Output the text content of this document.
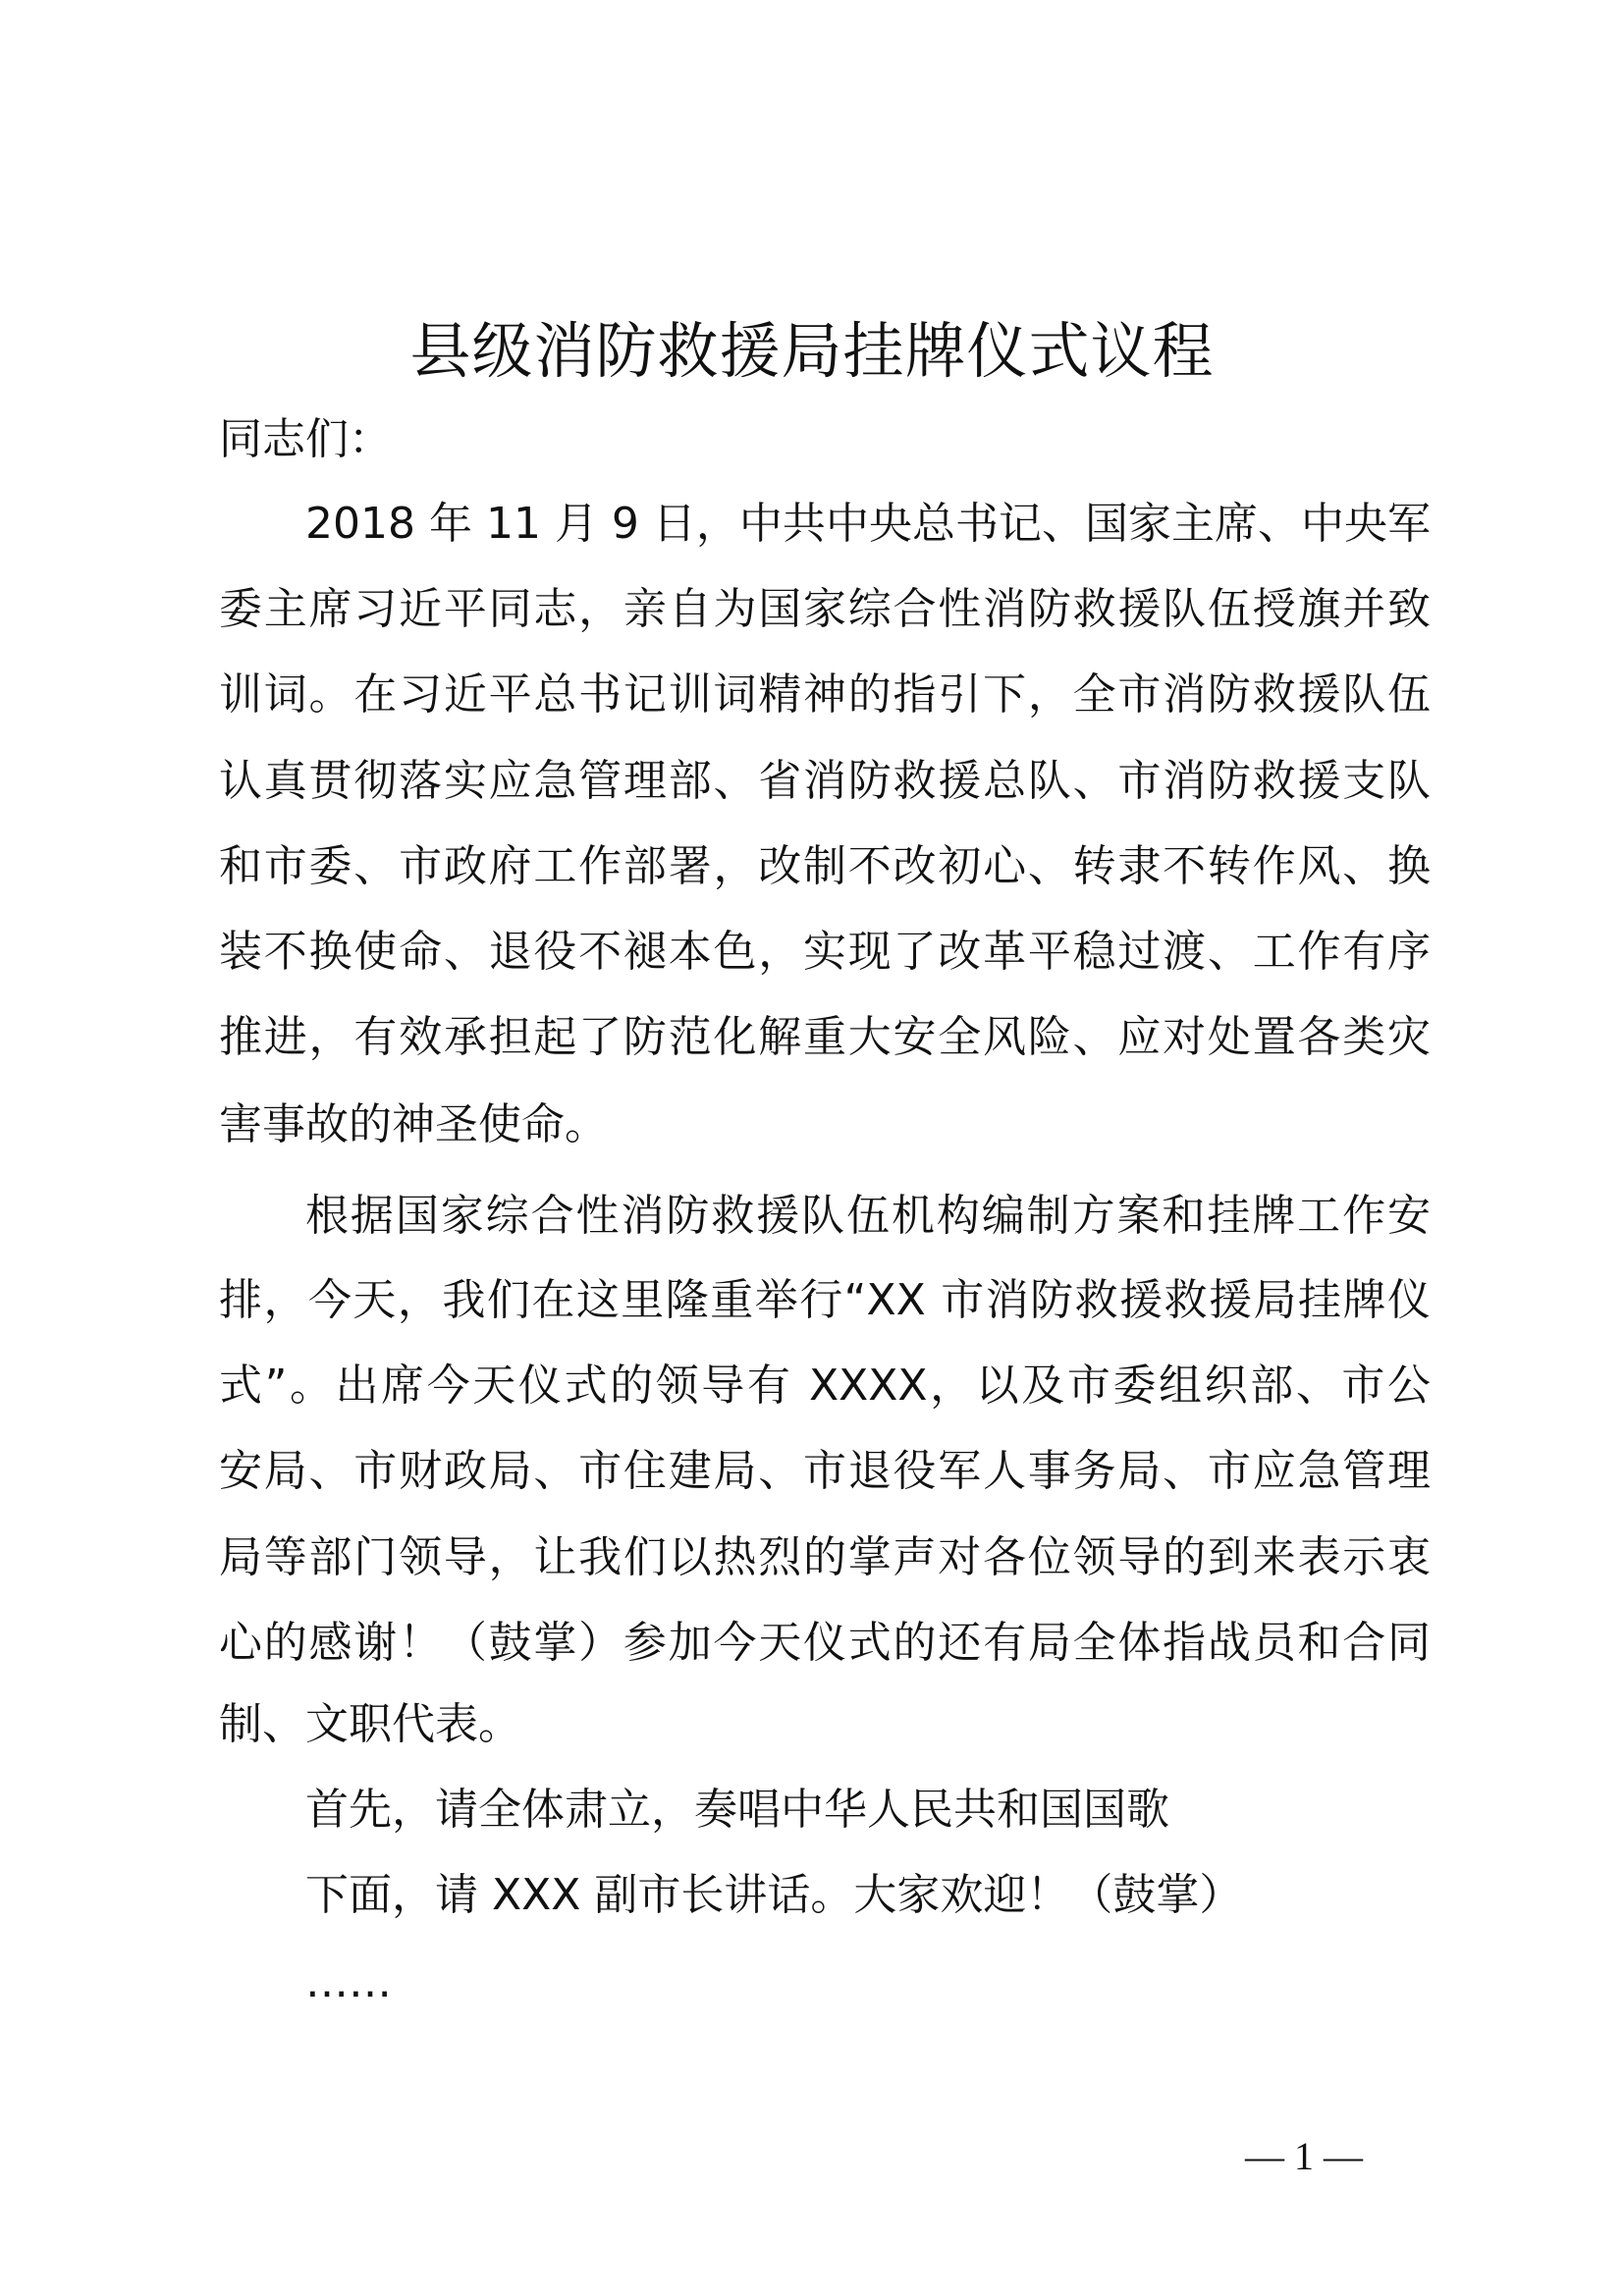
县级消防救援局挂牌仪式议程
同志们：
2018 年 11 月 9 日，中共中央总书记、国家主席、中央军
委主席习近平同志，亲自为国家综合性消防救援队伍授旗并致
训词。在习近平总书记训词精神的指引下，全市消防救援队伍
认真贯彻落实应急管理部、省消防救援总队、市消防救援支队
和市委、市政府工作部署，改制不改初心、转隶不转作风、换
装不换使命、退役不褪本色，实现了改革平稳过渡、工作有序
推进，有效承担起了防范化解重大安全风险、应对处置各类灾
害事故的神圣使命。
根据国家综合性消防救援队伍机构编制方案和挂牌工作安
排，今天，我们在这里隆重举行“XX 市消防救援救援局挂牌仪
式”。出席今天仪式的领导有 XXXX，以及市委组织部、市公
安局、市财政局、市住建局、市退役军人事务局、市应急管理
局等部门领导，让我们以热烈的掌声对各位领导的到来表示衷
心的感谢！（鼓掌）参加今天仪式的还有局全体指战员和合同
制、文职代表。
首先，请全体肃立，奏唱中华人民共和国国歌
下面，请 XXX 副市长讲话。大家欢迎！（鼓掌）
……
— 1 —
